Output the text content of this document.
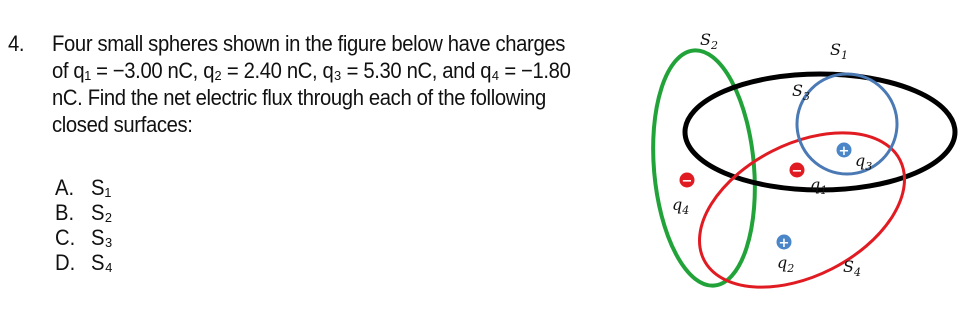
4. Four small spheres shown in the figure below have charges
of q₁ = −3.00 nC, q₂ = 2.40 nC, q₃ = 5.30 nC, and q₄ = −1.80
nC. Find the net electric flux through each of the following
closed surfaces:
A. S₁
B. S₂
C. S₃
D. S₄
$S_2$	$S_1$
$S_3$
$S_4$
−
$q_4$
−
$q_1$
+ $q_3$
+
$q_2$
